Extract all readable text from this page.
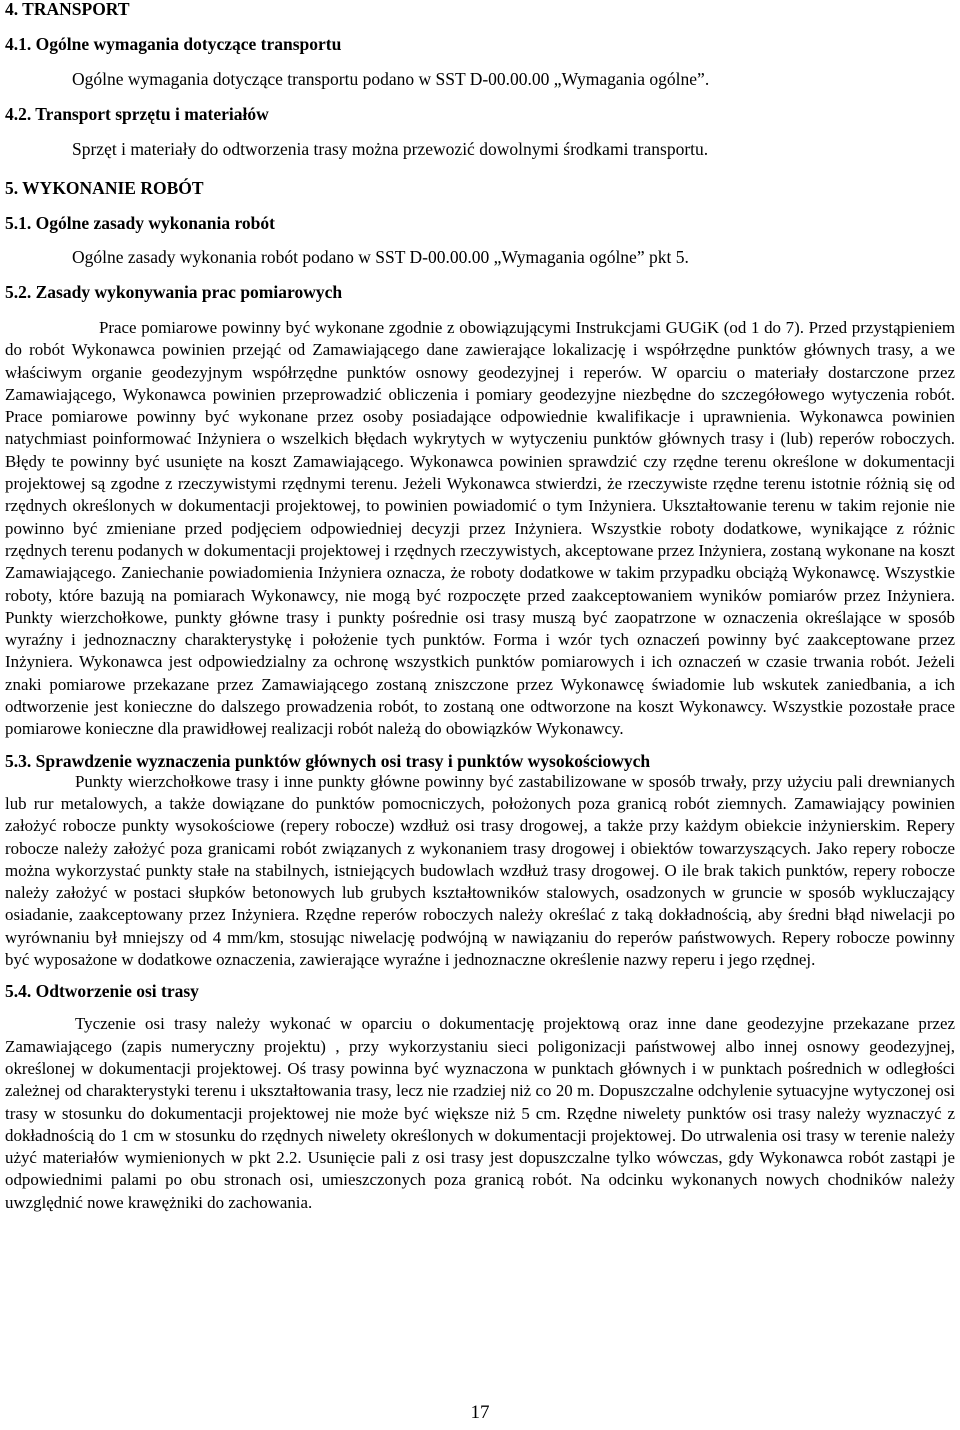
4. TRANSPORT
4.1. Ogólne wymagania dotyczące transportu
Ogólne wymagania dotyczące transportu podano w SST D-00.00.00 „Wymagania ogólne”.
4.2. Transport sprzętu i materiałów
Sprzęt i materiały do odtworzenia trasy można przewozić dowolnymi środkami transportu.
5. WYKONANIE ROBÓT
5.1. Ogólne zasady wykonania robót
Ogólne zasady wykonania robót podano w SST D-00.00.00 „Wymagania ogólne” pkt 5.
5.2. Zasady wykonywania prac pomiarowych
Prace pomiarowe powinny być wykonane zgodnie z obowiązującymi Instrukcjami GUGiK (od 1 do 7). Przed przystąpieniem do robót Wykonawca powinien przejąć od Zamawiającego dane zawierające lokalizację i współrzędne punktów głównych trasy, a we właściwym organie geodezyjnym współrzędne punktów osnowy geodezyjnej i reperów. W oparciu o materiały dostarczone przez Zamawiającego, Wykonawca powinien przeprowadzić obliczenia i pomiary geodezyjne niezbędne do szczegółowego wytyczenia robót. Prace pomiarowe powinny być wykonane przez osoby posiadające odpowiednie kwalifikacje i uprawnienia. Wykonawca powinien natychmiast poinformować Inżyniera o wszelkich błędach wykrytych w wytyczeniu punktów głównych trasy i (lub) reperów roboczych. Błędy te powinny być usunięte na koszt Zamawiającego. Wykonawca powinien sprawdzić czy rzędne terenu określone w dokumentacji projektowej są zgodne z rzeczywistymi rzędnymi terenu. Jeżeli Wykonawca stwierdzi, że rzeczywiste rzędne terenu istotnie różnią się od rzędnych określonych w dokumentacji projektowej, to powinien powiadomić o tym Inżyniera. Ukształtowanie terenu w takim rejonie nie powinno być zmieniane przed podjęciem odpowiedniej decyzji przez Inżyniera. Wszystkie roboty dodatkowe, wynikające z różnic rzędnych terenu podanych w dokumentacji projektowej i rzędnych rzeczywistych, akceptowane przez Inżyniera, zostaną wykonane na koszt Zamawiającego. Zaniechanie powiadomienia Inżyniera oznacza, że roboty dodatkowe w takim przypadku obciążą Wykonawcę. Wszystkie roboty, które bazują na pomiarach Wykonawcy, nie mogą być rozpoczęte przed zaakceptowaniem wyników pomiarów przez Inżyniera. Punkty wierzchołkowe, punkty główne trasy i punkty pośrednie osi trasy muszą być zaopatrzone w oznaczenia określające w sposób wyraźny i jednoznaczny charakterystykę i położenie tych punktów. Forma i wzór tych oznaczeń powinny być zaakceptowane przez Inżyniera. Wykonawca jest odpowiedzialny za ochronę wszystkich punktów pomiarowych i ich oznaczeń w czasie trwania robót. Jeżeli znaki pomiarowe przekazane przez Zamawiającego zostaną zniszczone przez Wykonawcę świadomie lub wskutek zaniedbania, a ich odtworzenie jest konieczne do dalszego prowadzenia robót, to zostaną one odtworzone na koszt Wykonawcy. Wszystkie pozostałe prace pomiarowe konieczne dla prawidłowej realizacji robót należą do obowiązków Wykonawcy.
5.3. Sprawdzenie wyznaczenia punktów głównych osi trasy i punktów wysokościowych
Punkty wierzchołkowe trasy i inne punkty główne powinny być zastabilizowane w sposób trwały, przy użyciu pali drewnianych lub rur metalowych, a także dowiązane do punktów pomocniczych, położonych poza granicą robót ziemnych. Zamawiający powinien założyć robocze punkty wysokościowe (repery robocze) wzdłuż osi trasy drogowej, a także przy każdym obiekcie inżynierskim. Repery robocze należy założyć poza granicami robót związanych z wykonaniem trasy drogowej i obiektów towarzyszących. Jako repery robocze można wykorzystać punkty stałe na stabilnych, istniejących budowlach wzdłuż trasy drogowej. O ile brak takich punktów, repery robocze należy założyć w postaci słupków betonowych lub grubych kształtowników stalowych, osadzonych w gruncie w sposób wykluczający osiadanie, zaakceptowany przez Inżyniera. Rzędne reperów roboczych należy określać z taką dokładnością, aby średni błąd niwelacji po wyrównaniu był mniejszy od 4 mm/km, stosując niwelację podwójną w nawiązaniu do reperów państwowych. Repery robocze powinny być wyposażone w dodatkowe oznaczenia, zawierające wyraźne i jednoznaczne określenie nazwy reperu i jego rzędnej.
5.4. Odtworzenie osi trasy
Tyczenie osi trasy należy wykonać w oparciu o dokumentację projektową oraz inne dane geodezyjne przekazane przez Zamawiającego (zapis numeryczny projektu) , przy wykorzystaniu sieci poligonizacji państwowej albo innej osnowy geodezyjnej, określonej w dokumentacji projektowej. Oś trasy powinna być wyznaczona w punktach głównych i w punktach pośrednich w odległości zależnej od charakterystyki terenu i ukształtowania trasy, lecz nie rzadziej niż co 20 m. Dopuszczalne odchylenie sytuacyjne wytyczonej osi trasy w stosunku do dokumentacji projektowej nie może być większe niż 5 cm. Rzędne niwelety punktów osi trasy należy wyznaczyć z dokładnością do 1 cm w stosunku do rzędnych niwelety określonych w dokumentacji projektowej. Do utrwalenia osi trasy w terenie należy użyć materiałów wymienionych w pkt 2.2. Usunięcie pali z osi trasy jest dopuszczalne tylko wówczas, gdy Wykonawca robót zastąpi je odpowiednimi palami po obu stronach osi, umieszczonych poza granicą robót. Na odcinku wykonanych nowych chodników należy uwzględnić nowe krawężniki do zachowania.
17
